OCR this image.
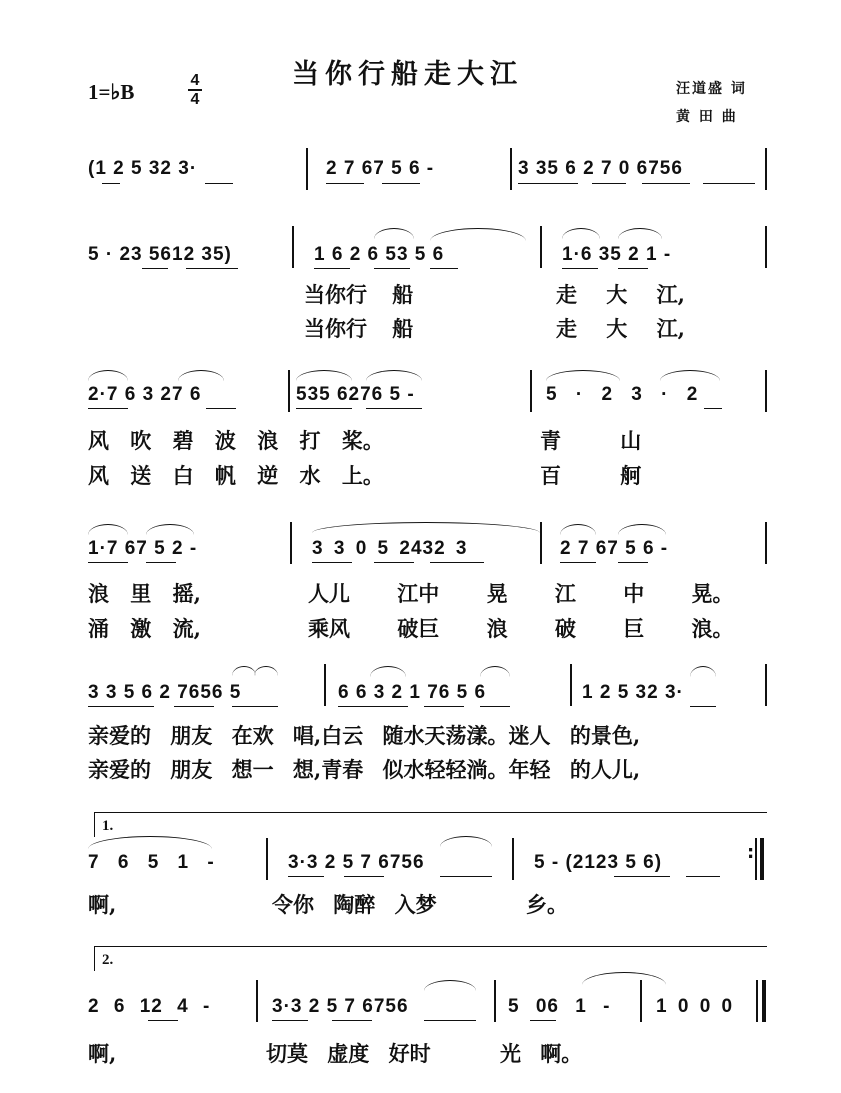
当你行船走大江
1=♭B	4
4
汪道盛 词
黄 田 曲
(1 2 5 32 3·	2 7 67 5 6 -	3 35 6 2 7 0 6756
5 · 23 5612 35)	1 6 2 6 53 5 6	1·6 35 2 1 -
当你行 船	走 大 江,
当你行 船	走 大 江,
2·7 6 3 27 6	535 6276 5 -	5 · 2 3 · 2
风 吹 碧 波 浪 打 桨。	青 山
风 送 白 帆 逆 水 上。	百 舸
1·7 67 5 2 -	3 3 0 5 2432 3	2 7 67 5 6 -
浪 里 摇,	人儿 江中 晃 江 中 晃。
涌 激 流,	乘风 破巨 浪 破 巨 浪。
3 3 5 6 2 7656 5	6 6 3 2 1 76 5 6	1 2 5 32 3·
亲爱的 朋友 在欢 唱,白云 随水天荡漾。迷人 的景色,
亲爱的 朋友 想一 想,青春 似水轻轻淌。年轻 的人儿,
1.
7 6 5 1 -	3·3 2 5 7 6756	5 - (2123 5 6)	:
啊,	令你 陶醉 入梦	乡。
2.
2 6 12 4 -	3·3 2 5 7 6756	5 06 1 - 1 0 0 0
啊,	切莫 虚度 好时	光 啊。
